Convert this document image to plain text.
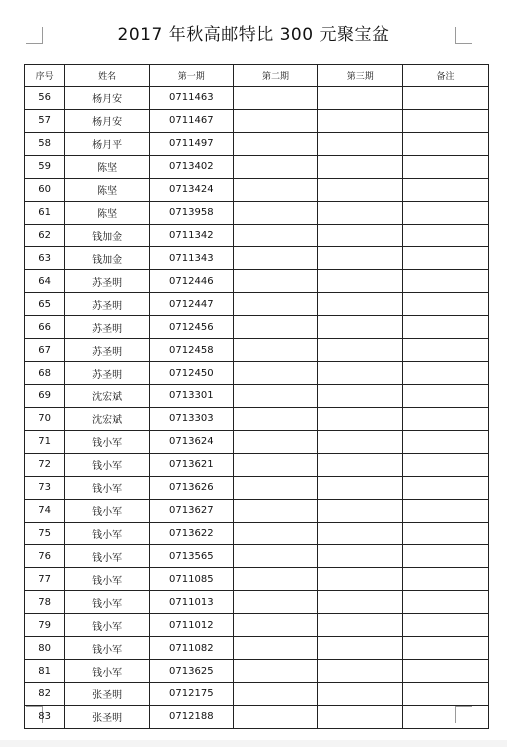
2017 年秋高邮特比 300 元聚宝盆
序号	姓名	第一期	第二期	第三期	备注
56	杨月安	0711463			
57	杨月安	0711467			
58	杨月平	0711497			
59	陈坚	0713402			
60	陈坚	0713424			
61	陈坚	0713958			
62	钱加金	0711342			
63	钱加金	0711343			
64	苏圣明	0712446			
65	苏圣明	0712447			
66	苏圣明	0712456			
67	苏圣明	0712458			
68	苏圣明	0712450			
69	沈宏斌	0713301			
70	沈宏斌	0713303			
71	钱小军	0713624			
72	钱小军	0713621			
73	钱小军	0713626			
74	钱小军	0713627			
75	钱小军	0713622			
76	钱小军	0713565			
77	钱小军	0711085			
78	钱小军	0711013			
79	钱小军	0711012			
80	钱小军	0711082			
81	钱小军	0713625			
82	张圣明	0712175			
83	张圣明	0712188			
